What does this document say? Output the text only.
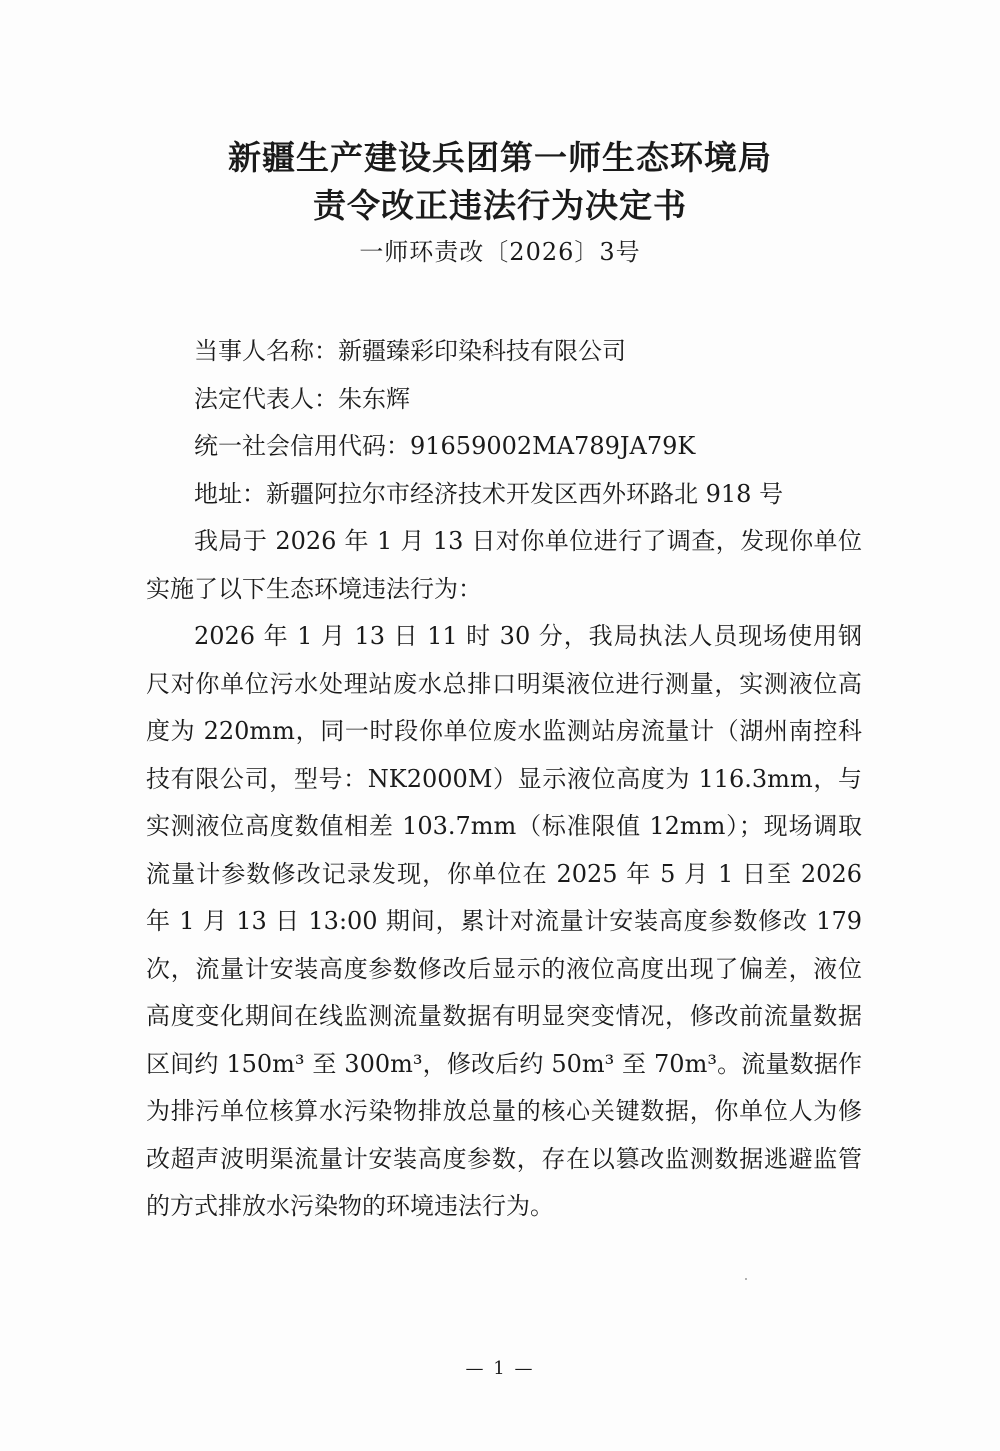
新疆生产建设兵团第一师生态环境局
责令改正违法行为决定书
一师环责改〔2026〕3号

当事人名称：新疆臻彩印染科技有限公司

法定代表人：朱东辉

统一社会信用代码：91659002MA789JA79K

地址：新疆阿拉尔市经济技术开发区西外环路北 918 号

我局于 2026 年 1 月 13 日对你单位进行了调查，发现你单位实施了以下生态环境违法行为：

2026 年 1 月 13 日 11 时 30 分，我局执法人员现场使用钢尺对你单位污水处理站废水总排口明渠液位进行测量，实测液位高度为 220mm，同一时段你单位废水监测站房流量计（湖州南控科技有限公司，型号：NK2000M）显示液位高度为 116.3mm，与实测液位高度数值相差 103.7mm（标准限值 12mm）；现场调取流量计参数修改记录发现，你单位在 2025 年 5 月 1 日至 2026 年 1 月 13 日 13:00 期间，累计对流量计安装高度参数修改 179 次，流量计安装高度参数修改后显示的液位高度出现了偏差，液位高度变化期间在线监测流量数据有明显突变情况，修改前流量数据区间约 150m³ 至 300m³，修改后约 50m³ 至 70m³。流量数据作为排污单位核算水污染物排放总量的核心关键数据，你单位人为修改超声波明渠流量计安装高度参数，存在以篡改监测数据逃避监管的方式排放水污染物的环境违法行为。

— 1 —
